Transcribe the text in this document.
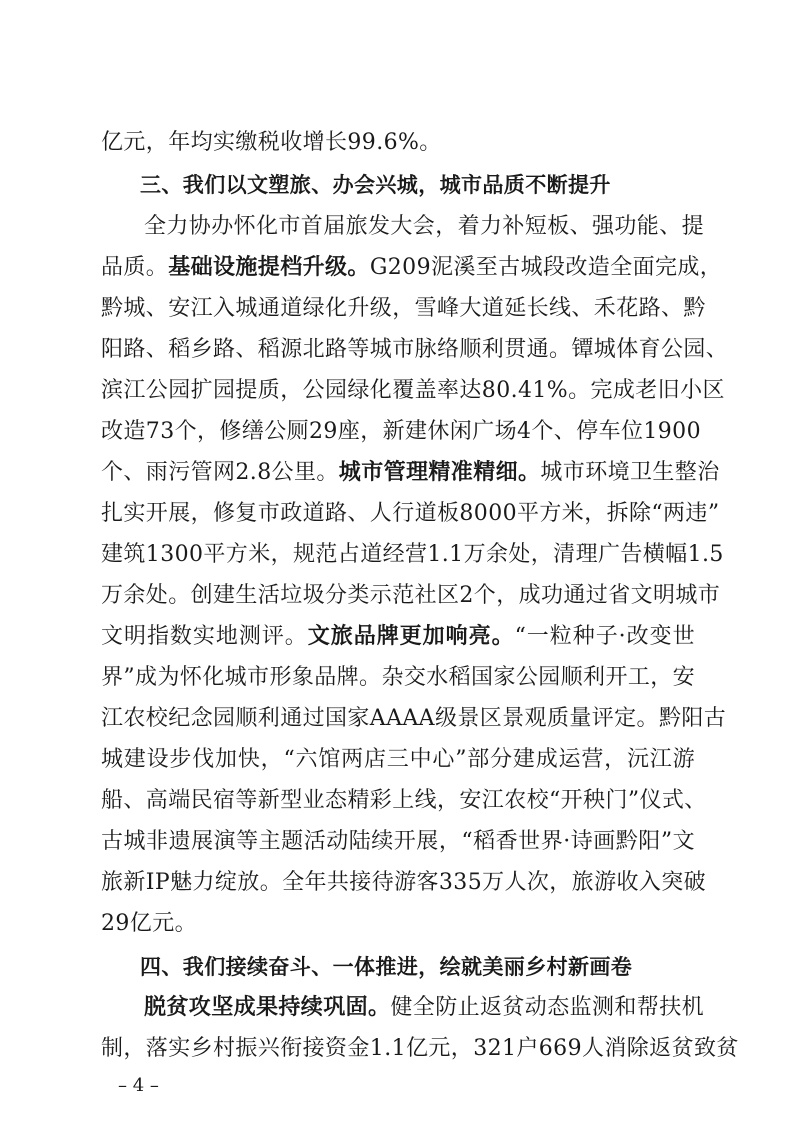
亿元，年均实缴税收增长99.6%。
三、我们以文塑旅、办会兴城，城市品质不断提升
全力协办怀化市首届旅发大会，着力补短板、强功能、提
品质。基础设施提档升级。G209泥溪至古城段改造全面完成，
黔城、安江入城通道绿化升级，雪峰大道延长线、禾花路、黔
阳路、稻乡路、稻源北路等城市脉络顺利贯通。镡城体育公园、
滨江公园扩园提质，公园绿化覆盖率达80.41%。完成老旧小区
改造73个，修缮公厕29座，新建休闲广场4个、停车位1900
个、雨污管网2.8公里。城市管理精准精细。城市环境卫生整治
扎实开展，修复市政道路、人行道板8000平方米，拆除“两违”
建筑1300平方米，规范占道经营1.1万余处，清理广告横幅1.5
万余处。创建生活垃圾分类示范社区2个，成功通过省文明城市
文明指数实地测评。文旅品牌更加响亮。“一粒种子·改变世
界”成为怀化城市形象品牌。杂交水稻国家公园顺利开工，安
江农校纪念园顺利通过国家AAAA级景区景观质量评定。黔阳古
城建设步伐加快，“六馆两店三中心”部分建成运营，沅江游
船、高端民宿等新型业态精彩上线，安江农校“开秧门”仪式、
古城非遗展演等主题活动陆续开展，“稻香世界·诗画黔阳”文
旅新IP魅力绽放。全年共接待游客335万人次，旅游收入突破
29亿元。
四、我们接续奋斗、一体推进，绘就美丽乡村新画卷
脱贫攻坚成果持续巩固。健全防止返贫动态监测和帮扶机
制，落实乡村振兴衔接资金1.1亿元，321户669人消除返贫致贫
– 4 –
